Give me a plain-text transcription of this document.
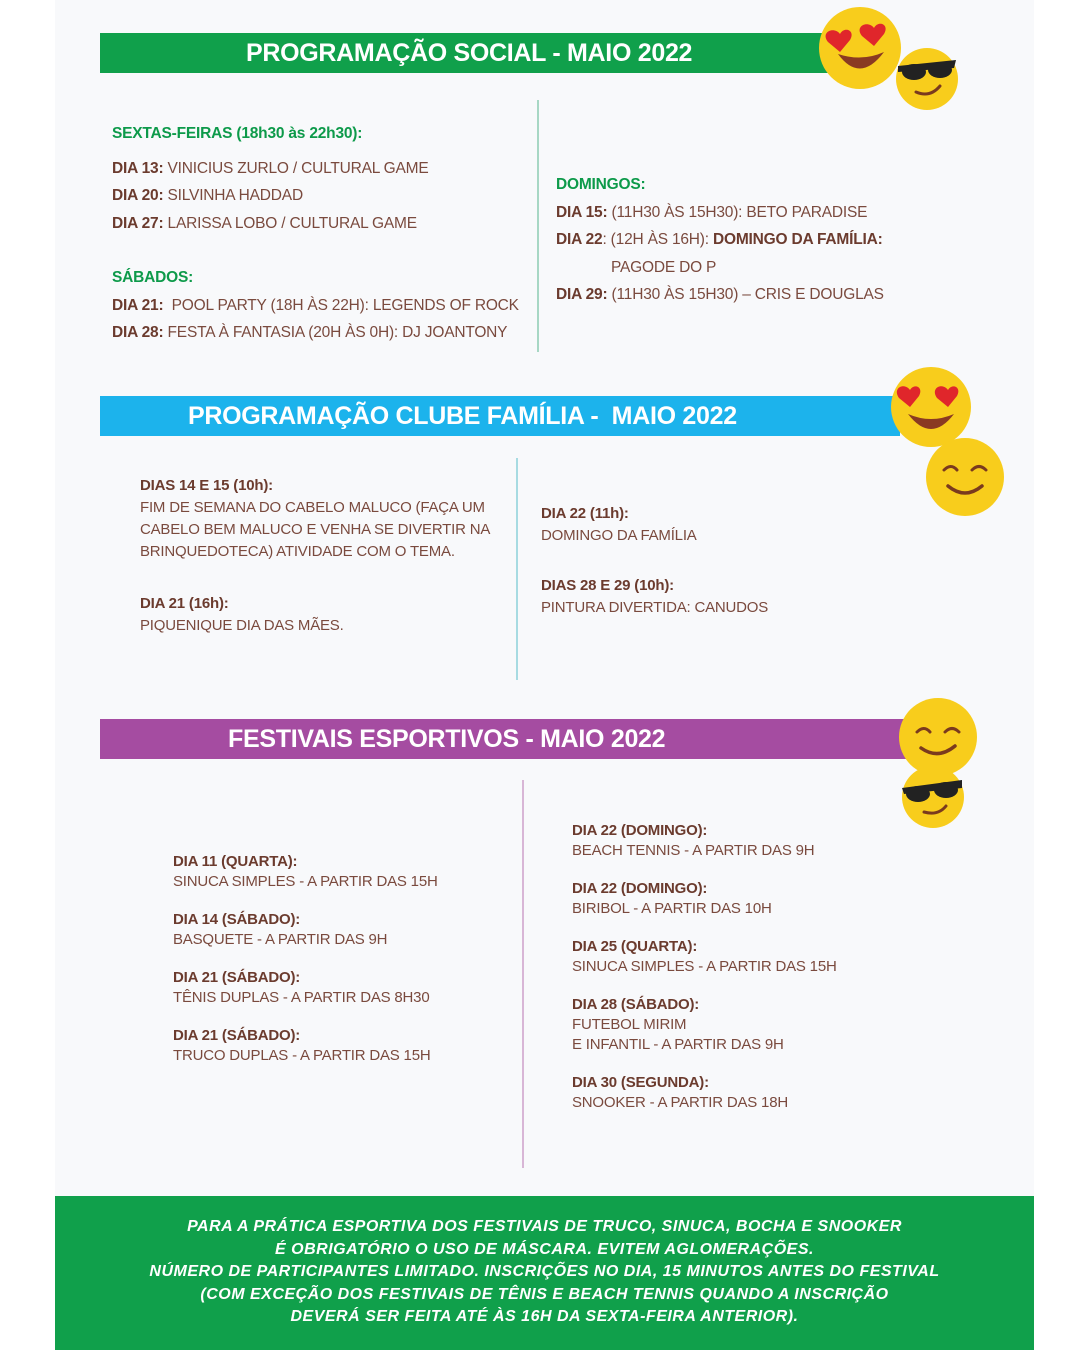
PROGRAMAÇÃO SOCIAL - MAIO 2022
SEXTAS-FEIRAS (18h30 às 22h30):
DIA 13: VINICIUS ZURLO / CULTURAL GAME
DIA 20: SILVINHA HADDAD
DIA 27: LARISSA LOBO / CULTURAL GAME
SÁBADOS:
DIA 21:  POOL PARTY (18H ÀS 22H): LEGENDS OF ROCK
DIA 28: FESTA À FANTASIA (20H ÀS 0H): DJ JOANTONY
DOMINGOS:
DIA 15: (11H30 ÀS 15H30): BETO PARADISE
DIA 22: (12H ÀS 16H): DOMINGO DA FAMÍLIA:
PAGODE DO P
DIA 29: (11H30 ÀS 15H30) – CRIS E DOUGLAS
PROGRAMAÇÃO CLUBE FAMÍLIA -  MAIO 2022
DIAS 14 E 15 (10h):
FIM DE SEMANA DO CABELO MALUCO (FAÇA UM
CABELO BEM MALUCO E VENHA SE DIVERTIR NA
BRINQUEDOTECA) ATIVIDADE COM O TEMA.
DIA 21 (16h):
PIQUENIQUE DIA DAS MÃES.
DIA 22 (11h):
DOMINGO DA FAMÍLIA
DIAS 28 E 29 (10h):
PINTURA DIVERTIDA: CANUDOS
FESTIVAIS ESPORTIVOS - MAIO 2022
DIA 11 (QUARTA):
SINUCA SIMPLES - A PARTIR DAS 15H
DIA 14 (SÁBADO):
BASQUETE - A PARTIR DAS 9H
DIA 21 (SÁBADO):
TÊNIS DUPLAS - A PARTIR DAS 8H30
DIA 21 (SÁBADO):
TRUCO DUPLAS - A PARTIR DAS 15H
DIA 22 (DOMINGO):
BEACH TENNIS - A PARTIR DAS 9H
DIA 22 (DOMINGO):
BIRIBOL - A PARTIR DAS 10H
DIA 25 (QUARTA):
SINUCA SIMPLES - A PARTIR DAS 15H
DIA 28 (SÁBADO):
FUTEBOL MIRIM
E INFANTIL - A PARTIR DAS 9H
DIA 30 (SEGUNDA):
SNOOKER - A PARTIR DAS 18H
PARA A PRÁTICA ESPORTIVA DOS FESTIVAIS DE TRUCO, SINUCA, BOCHA E SNOOKER
É OBRIGATÓRIO O USO DE MÁSCARA. EVITEM AGLOMERAÇÕES.
NÚMERO DE PARTICIPANTES LIMITADO. INSCRIÇÕES NO DIA, 15 MINUTOS ANTES DO FESTIVAL
(COM EXCEÇÃO DOS FESTIVAIS DE TÊNIS E BEACH TENNIS QUANDO A INSCRIÇÃO
DEVERÁ SER FEITA ATÉ ÀS 16H DA SEXTA-FEIRA ANTERIOR).
